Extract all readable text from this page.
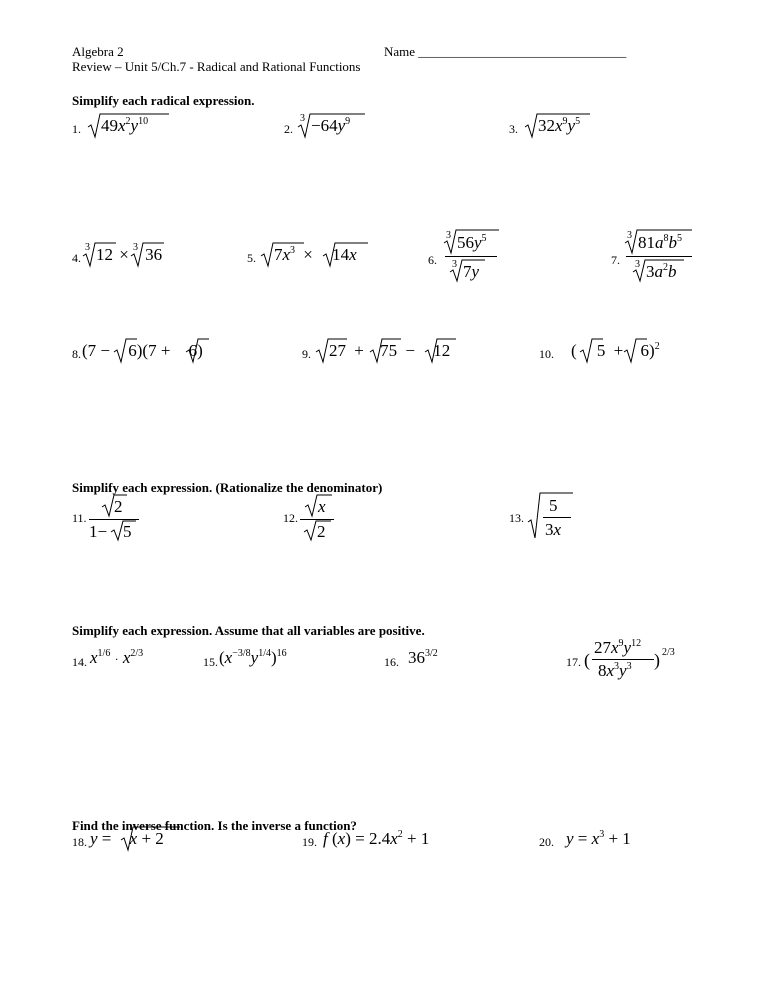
Algebra 2
Review – Unit 5/Ch.7 - Radical and Rational Functions
Name ________________________________
Simplify each radical expression.
1.	$49x^2y^{10}$
2.
$3 -64y^9$
3.	$32x^9y^5$
4.
3 12 × 3 36	5.	$7x^3 \times 14x$	6.
3 $56y^5$
3 7y
7.
3 $81a^8b^5$
3 $3a^2b$
8. (7 −
6)(7 +
6)	9.	27 + 75 − 12	10. ( 5 + 6)$^2$
Simplify each expression. (Rationalize the denominator)
11.
2
1− 5
12.
x
2
13.
5
3x
Simplify each expression. Assume that all variables are positive.
14. $x^{1/6} \cdot x^{2/3}$
15. $(x^{-3/8}y^{1/4})^{16}$
16. $36^{3/2}$
17. (
$27x^9y^{12}$
$8x^3y^3$ ) 2/3
Find the inverse function. Is the inverse a function?
18. y = x + 2	19. f $(x) = 2.4x^2 + 1$	20. $y = x^3 + 1$
